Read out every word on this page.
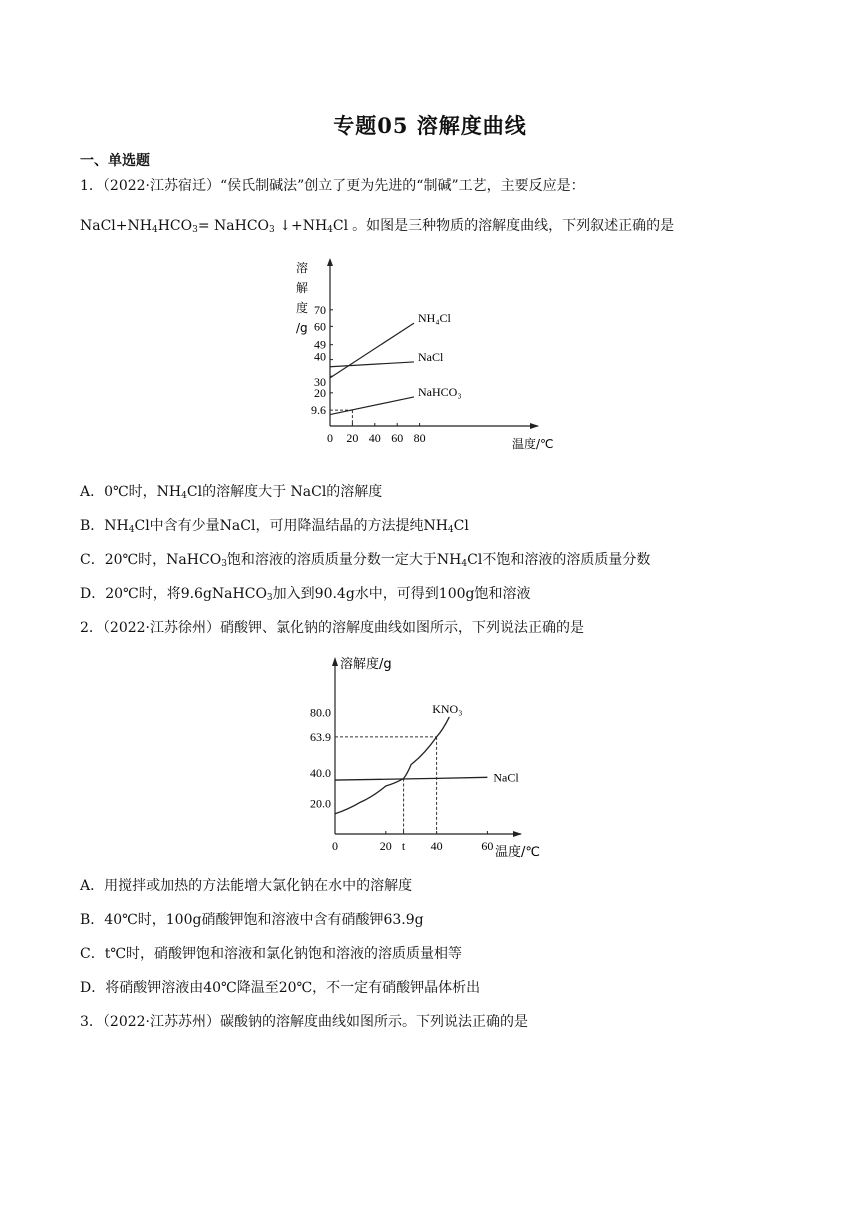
专题05 溶解度曲线
一、单选题
1．（2022·江苏宿迁）“侯氏制碱法”创立了更为先进的“制碱”工艺，主要反应是：
$NaCl+NH_4HCO_3=$ NaHCO$_3$ $↓+NH_4Cl$ 。如图是三种物质的溶解度曲线，下列叙述正确的是
溶
解
度
/g
70
60
49
40
30
20
9.6
0 20 40 60 80	温度/℃
NH₄Cl
NaCl
NaHCO₃
A．0℃时，$NH_4Cl$的溶解度大于 NaCl的溶解度
B．$NH_4Cl$中含有少量NaCl，可用降温结晶的方法提纯$NH_4Cl$
C．20℃时，NaHCO$_3$饱和溶液的溶质质量分数一定大于$NH_4Cl$不饱和溶液的溶质质量分数
D．20℃时，将9.6gNaHCO$_3$加入到90.4g水中，可得到100g饱和溶液
2．（2022·江苏徐州）硝酸钾、氯化钠的溶解度曲线如图所示，下列说法正确的是
溶解度/g
温度/℃
80.0
63.9
40.0
20.0
0	20 t 40	60
KNO₃
NaCl
A．用搅拌或加热的方法能增大氯化钠在水中的溶解度
B．40℃时，100g硝酸钾饱和溶液中含有硝酸钾63.9g
C．t℃时，硝酸钾饱和溶液和氯化钠饱和溶液的溶质质量相等
D．将硝酸钾溶液由40℃降温至20℃，不一定有硝酸钾晶体析出
3．（2022·江苏苏州）碳酸钠的溶解度曲线如图所示。下列说法正确的是
